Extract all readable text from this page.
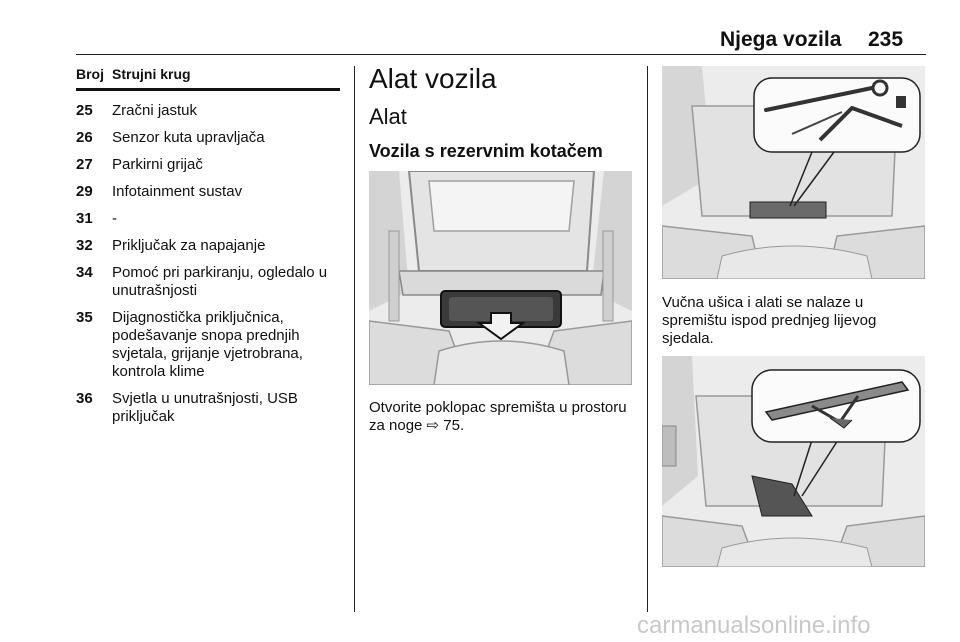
Njega vozila 235
Broj Strujni krug
25	Zračni jastuk
26	Senzor kuta upravljača
27	Parkirni grijač
29	Infotainment sustav
31	-
32	Priključak za napajanje
34	Pomoć pri parkiranju, ogledalo u unutrašnjosti
35	Dijagnostička priključnica, podešavanje snopa prednjih svjetala, grijanje vjetrobrana, kontrola klime
36	Svjetla u unutrašnjosti, USB priključak
Alat vozila
Alat
Vozila s rezervnim kotačem
Otvorite poklopac spremišta u prostoru za noge ⇨ 75.
Vučna ušica i alati se nalaze u spremištu ispod prednjeg lijevog sjedala.
carmanualsonline.info
